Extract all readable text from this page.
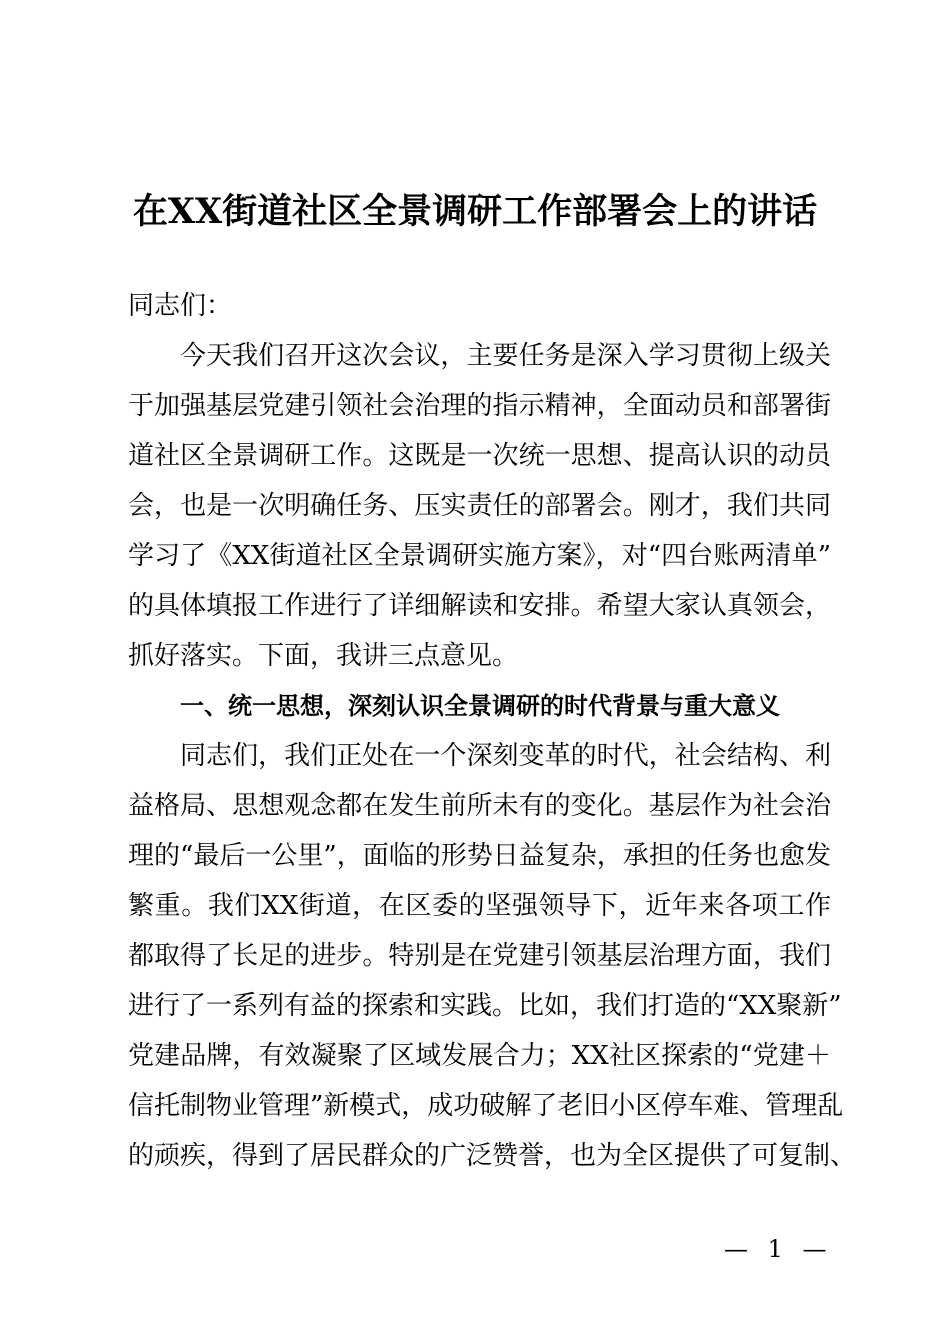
在XX街道社区全景调研工作部署会上的讲话
同志们：
今天我们召开这次会议，主要任务是深入学习贯彻上级关
于加强基层党建引领社会治理的指示精神，全面动员和部署街
道社区全景调研工作。这既是一次统一思想、提高认识的动员
会，也是一次明确任务、压实责任的部署会。刚才，我们共同
学习了《XX街道社区全景调研实施方案》，对“四台账两清单”
的具体填报工作进行了详细解读和安排。希望大家认真领会，
抓好落实。下面，我讲三点意见。
一、统一思想，深刻认识全景调研的时代背景与重大意义
同志们，我们正处在一个深刻变革的时代，社会结构、利
益格局、思想观念都在发生前所未有的变化。基层作为社会治
理的“最后一公里”，面临的形势日益复杂，承担的任务也愈发
繁重。我们XX街道，在区委的坚强领导下，近年来各项工作
都取得了长足的进步。特别是在党建引领基层治理方面，我们
进行了一系列有益的探索和实践。比如，我们打造的“XX聚新”
党建品牌，有效凝聚了区域发展合力；XX社区探索的“党建＋
信托制物业管理”新模式，成功破解了老旧小区停车难、管理乱
的顽疾，得到了居民群众的广泛赞誉，也为全区提供了可复制、
— 1 —
